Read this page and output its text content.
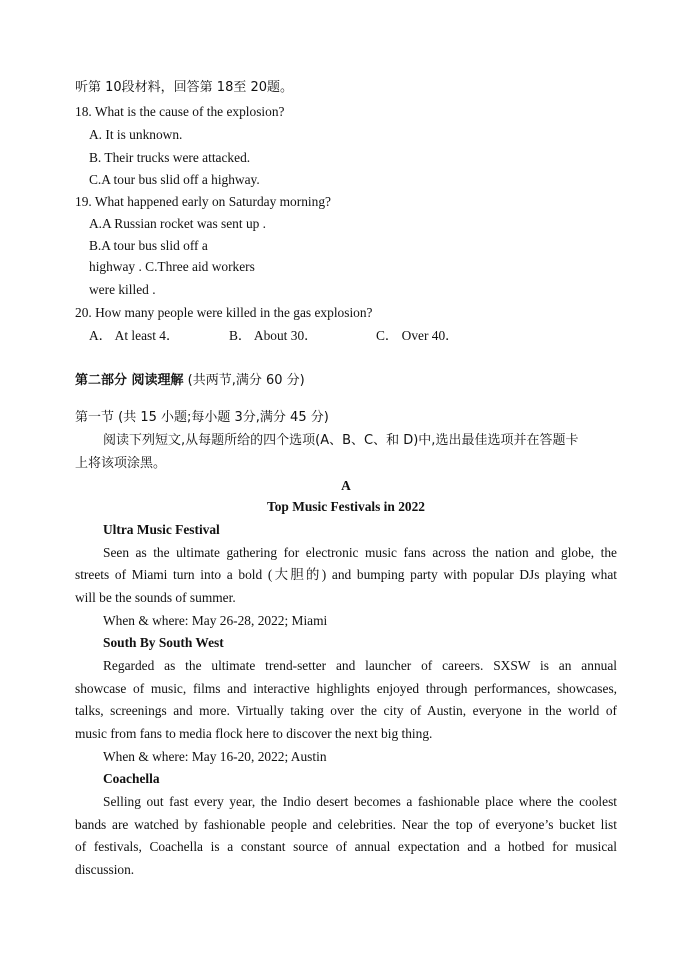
听第 10段材料，回答第 18至 20题。
18. What is the cause of the explosion?
A. It is unknown.
B. Their trucks were attacked.
C.A tour bus slid off a highway.
19. What happened early on Saturday morning?
A.A Russian rocket was sent up .
B.A tour bus slid off a
highway . C.Three aid workers
were killed .
20. How many people were killed in the gas explosion?
A． At least 4．	B． About 30．	C． Over 40．
第二部分 阅读理解 (共两节,满分 60 分)
第一节 (共 15 小题;每小题 3分,满分 45 分)
阅读下列短文,从每题所给的四个选项(A、B、C、和 D)中,选出最佳选项并在答题卡
上将该项涂黑。
A
Top Music Festivals in 2022
Ultra Music Festival
Seen as the ultimate gathering for electronic music fans across the nation and globe, the
streets of Miami turn into a bold (大胆的) and bumping party with popular DJs playing what
will be the sounds of summer.
When & where: May 26-28, 2022; Miami
South By South West
Regarded as the ultimate trend-setter and launcher of careers. SXSW is an annual
showcase of music, films and interactive highlights enjoyed through performances, showcases,
talks, screenings and more. Virtually taking over the city of Austin, everyone in the world of
music from fans to media flock here to discover the next big thing.
When & where: May 16-20, 2022; Austin
Coachella
Selling out fast every year, the Indio desert becomes a fashionable place where the coolest
bands are watched by fashionable people and celebrities. Near the top of everyone’s bucket list
of festivals, Coachella is a constant source of annual expectation and a hotbed for musical
discussion.
